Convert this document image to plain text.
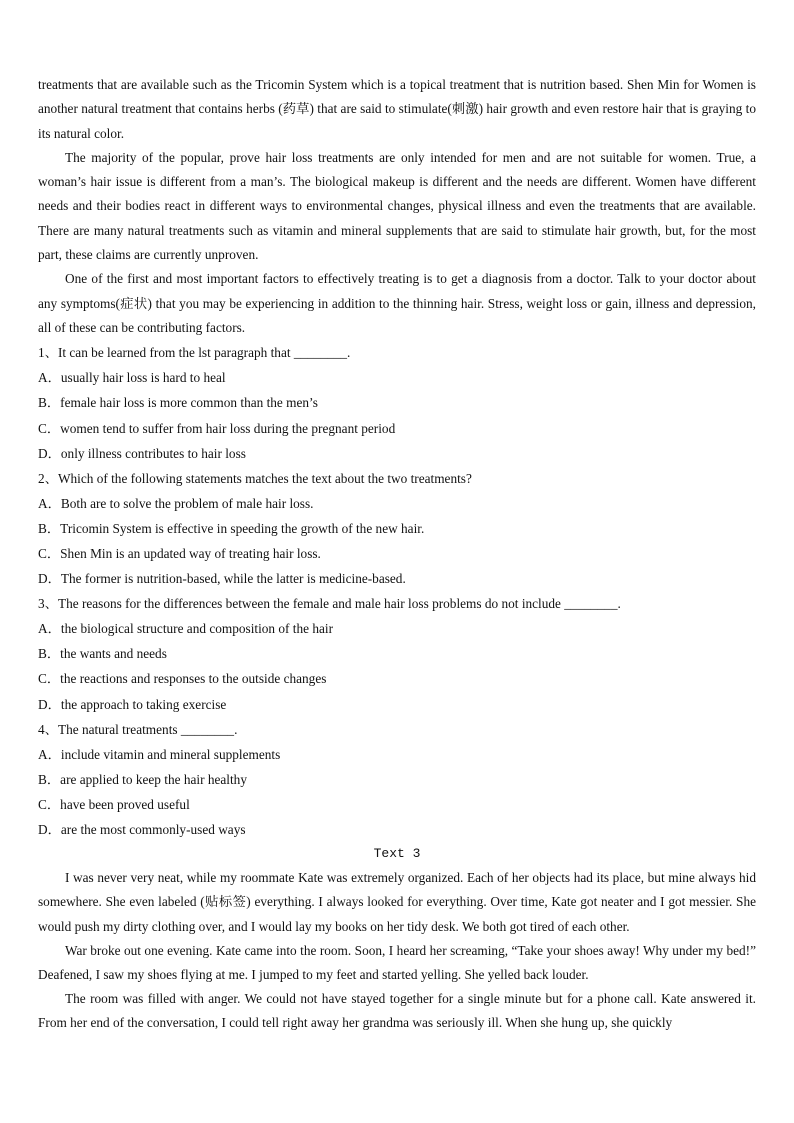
treatments that are available such as the Tricomin System which is a topical treatment that is nutrition based. Shen Min for Women is another natural treatment that contains herbs (药草) that are said to stimulate(刺激) hair growth and even restore hair that is graying to its natural color.

The majority of the popular, prove hair loss treatments are only intended for men and are not suitable for women. True, a woman’s hair issue is different from a man’s. The biological makeup is different and the needs are different. Women have different needs and their bodies react in different ways to environmental changes, physical illness and even the treatments that are available. There are many natural treatments such as vitamin and mineral supplements that are said to stimulate hair growth, but, for the most part, these claims are currently unproven.

One of the first and most important factors to effectively treating is to get a diagnosis from a doctor. Talk to your doctor about any symptoms(症状) that you may be experiencing in addition to the thinning hair. Stress, weight loss or gain, illness and depression, all of these can be contributing factors.

1、It can be learned from the lst paragraph that ________.

A．usually hair loss is hard to heal

B．female hair loss is more common than the men’s

C．women tend to suffer from hair loss during the pregnant period

D．only illness contributes to hair loss

2、Which of the following statements matches the text about the two treatments?

A．Both are to solve the problem of male hair loss.

B．Tricomin System is effective in speeding the growth of the new hair.

C．Shen Min is an updated way of treating hair loss.

D．The former is nutrition-based, while the latter is medicine-based.

3、The reasons for the differences between the female and male hair loss problems do not include ________.

A．the biological structure and composition of the hair

B．the wants and needs

C．the reactions and responses to the outside changes

D．the approach to taking exercise

4、The natural treatments ________.

A．include vitamin and mineral supplements

B．are applied to keep the hair healthy

C．have been proved useful

D．are the most commonly-used ways

Text 3

I was never very neat, while my roommate Kate was extremely organized. Each of her objects had its place, but mine always hid somewhere. She even labeled (贴标签) everything. I always looked for everything. Over time, Kate got neater and I got messier. She would push my dirty clothing over, and I would lay my books on her tidy desk. We both got tired of each other.

War broke out one evening. Kate came into the room. Soon, I heard her screaming, “Take your shoes away! Why under my bed!” Deafened, I saw my shoes flying at me. I jumped to my feet and started yelling. She yelled back louder.

The room was filled with anger. We could not have stayed together for a single minute but for a phone call. Kate answered it. From her end of the conversation, I could tell right away her grandma was seriously ill. When she hung up, she quickly
